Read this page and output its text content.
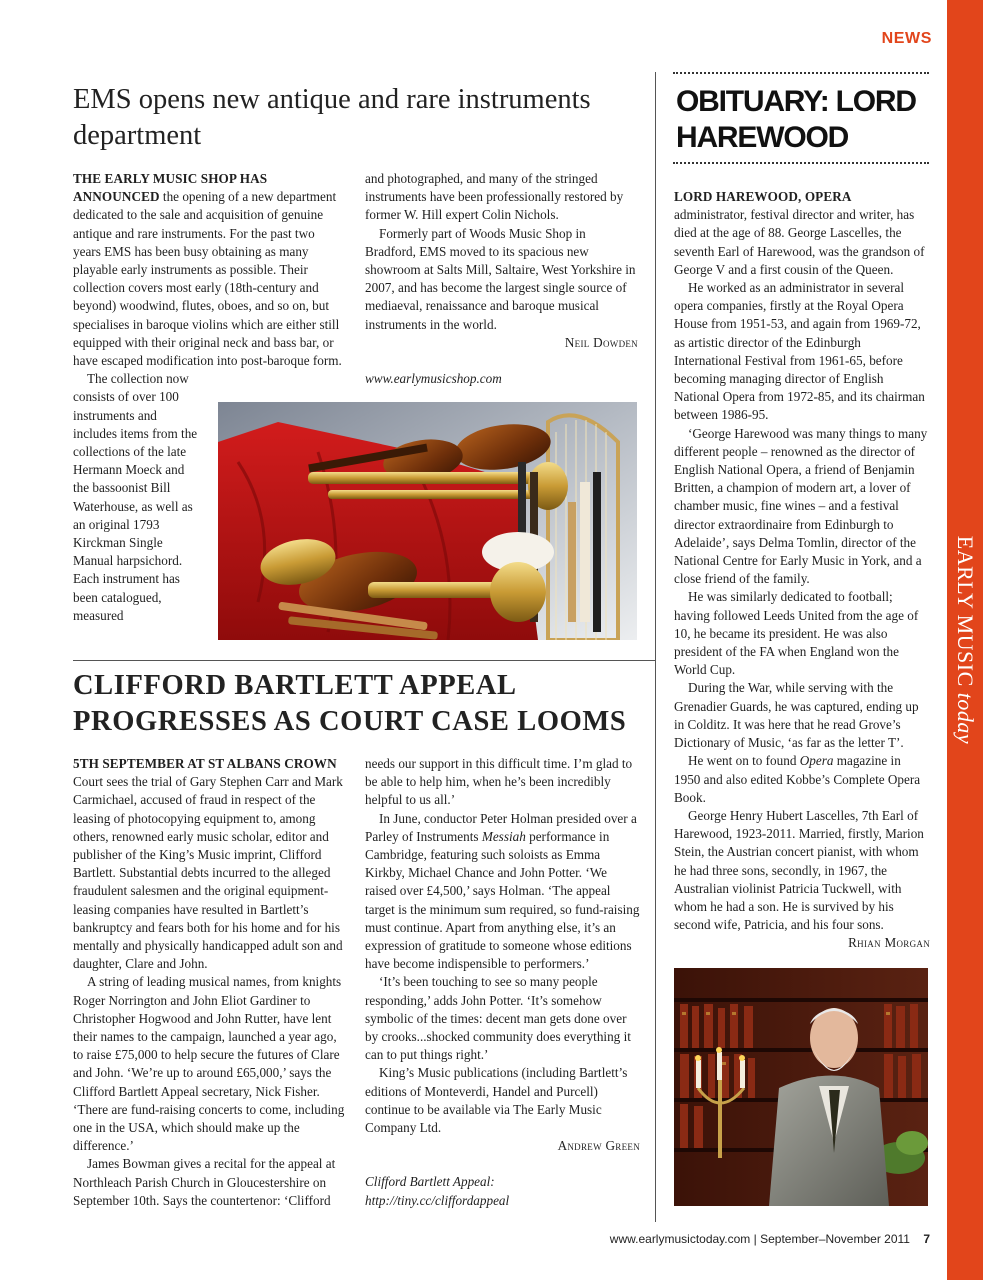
EARLY MUSIC today
NEWS
EMS opens new antique and rare instruments department

THE EARLY MUSIC SHOP HAS ANNOUNCED the opening of a new department dedicated to the sale and acquisition of genuine antique and rare instruments. For the past two years EMS has been busy obtaining as many playable early instruments as possible. Their collection covers most early (18th-century and beyond) woodwind, flutes, oboes, and so on, but specialises in baroque violins which are either still equipped with their original neck and bass bar, or have escaped modification into post-baroque form.

The collection now consists of over 100 instruments and includes items from the collections of the late Hermann Moeck and the bassoonist Bill Waterhouse, as well as an original 1793 Kirckman Single Manual harpsichord. Each instrument has been catalogued, measured

and photographed, and many of the stringed instruments have been professionally restored by former W. Hill expert Colin Nichols.

Formerly part of Woods Music Shop in Bradford, EMS moved to its spacious new showroom at Salts Mill, Saltaire, West Yorkshire in 2007, and has become the largest single source of mediaeval, renaissance and baroque musical instruments in the world.

Neil Dowden

www.earlymusicshop.com

CLIFFORD BARTLETT APPEAL PROGRESSES AS COURT CASE LOOMS

5TH SEPTEMBER AT ST ALBANS CROWN Court sees the trial of Gary Stephen Carr and Mark Carmichael, accused of fraud in respect of the leasing of photocopying equipment to, among others, renowned early music scholar, editor and publisher of the King’s Music imprint, Clifford Bartlett. Substantial debts incurred to the alleged fraudulent salesmen and the original equipment-leasing companies have resulted in Bartlett’s bankruptcy and fears both for his home and for his mentally and physically handicapped adult son and daughter, Clare and John.

A string of leading musical names, from knights Roger Norrington and John Eliot Gardiner to Christopher Hogwood and John Rutter, have lent their names to the campaign, launched a year ago, to raise £75,000 to help secure the futures of Clare and John. ‘We’re up to around £65,000,’ says the Clifford Bartlett Appeal secretary, Nick Fisher. ‘There are fund-raising concerts to come, including one in the USA, which should make up the difference.’

James Bowman gives a recital for the appeal at Northleach Parish Church in Gloucestershire on September 10th. Says the countertenor: ‘Clifford

needs our support in this difficult time. I’m glad to be able to help him, when he’s been incredibly helpful to us all.’

In June, conductor Peter Holman presided over a Parley of Instruments Messiah performance in Cambridge, featuring such soloists as Emma Kirkby, Michael Chance and John Potter. ‘We raised over £4,500,’ says Holman. ‘The appeal target is the minimum sum required, so fund-raising must continue. Apart from anything else, it’s an expression of gratitude to someone whose editions have become indispensible to performers.’

‘It’s been touching to see so many people responding,’ adds John Potter. ‘It’s somehow symbolic of the times: decent man gets done over by crooks...shocked community does everything it can to put things right.’

King’s Music publications (including Bartlett’s editions of Monteverdi, Handel and Purcell) continue to be available via The Early Music Company Ltd.

Andrew Green

Clifford Bartlett Appeal: http://tiny.cc/cliffordappeal

OBITUARY: LORD HAREWOOD

LORD HAREWOOD, OPERA

administrator, festival director and writer, has died at the age of 88. George Lascelles, the seventh Earl of Harewood, was the grandson of George V and a first cousin of the Queen.

He worked as an administrator in several opera companies, firstly at the Royal Opera House from 1951-53, and again from 1969-72, as artistic director of the Edinburgh International Festival from 1961-65, before becoming managing director of English National Opera from 1972-85, and its chairman between 1986-95.

‘George Harewood was many things to many different people – renowned as the director of English National Opera, a friend of Benjamin Britten, a champion of modern art, a lover of chamber music, fine wines – and a festival director extraordinaire from Edinburgh to Adelaide’, says Delma Tomlin, director of the National Centre for Early Music in York, and a close friend of the family.

He was similarly dedicated to football; having followed Leeds United from the age of 10, he became its president. He was also president of the FA when England won the World Cup.

During the War, while serving with the Grenadier Guards, he was captured, ending up in Colditz. It was here that he read Grove’s Dictionary of Music, ‘as far as the letter T’.

He went on to found Opera magazine in 1950 and also edited Kobbe’s Complete Opera Book.

George Henry Hubert Lascelles, 7th Earl of Harewood, 1923-2011. Married, firstly, Marion Stein, the Austrian concert pianist, with whom he had three sons, secondly, in 1967, the Australian violinist Patricia Tuckwell, with whom he had a son. He is survived by his second wife, Patricia, and his four sons.

Rhian Morgan

www.earlymusictoday.com | September–November 2011 7
